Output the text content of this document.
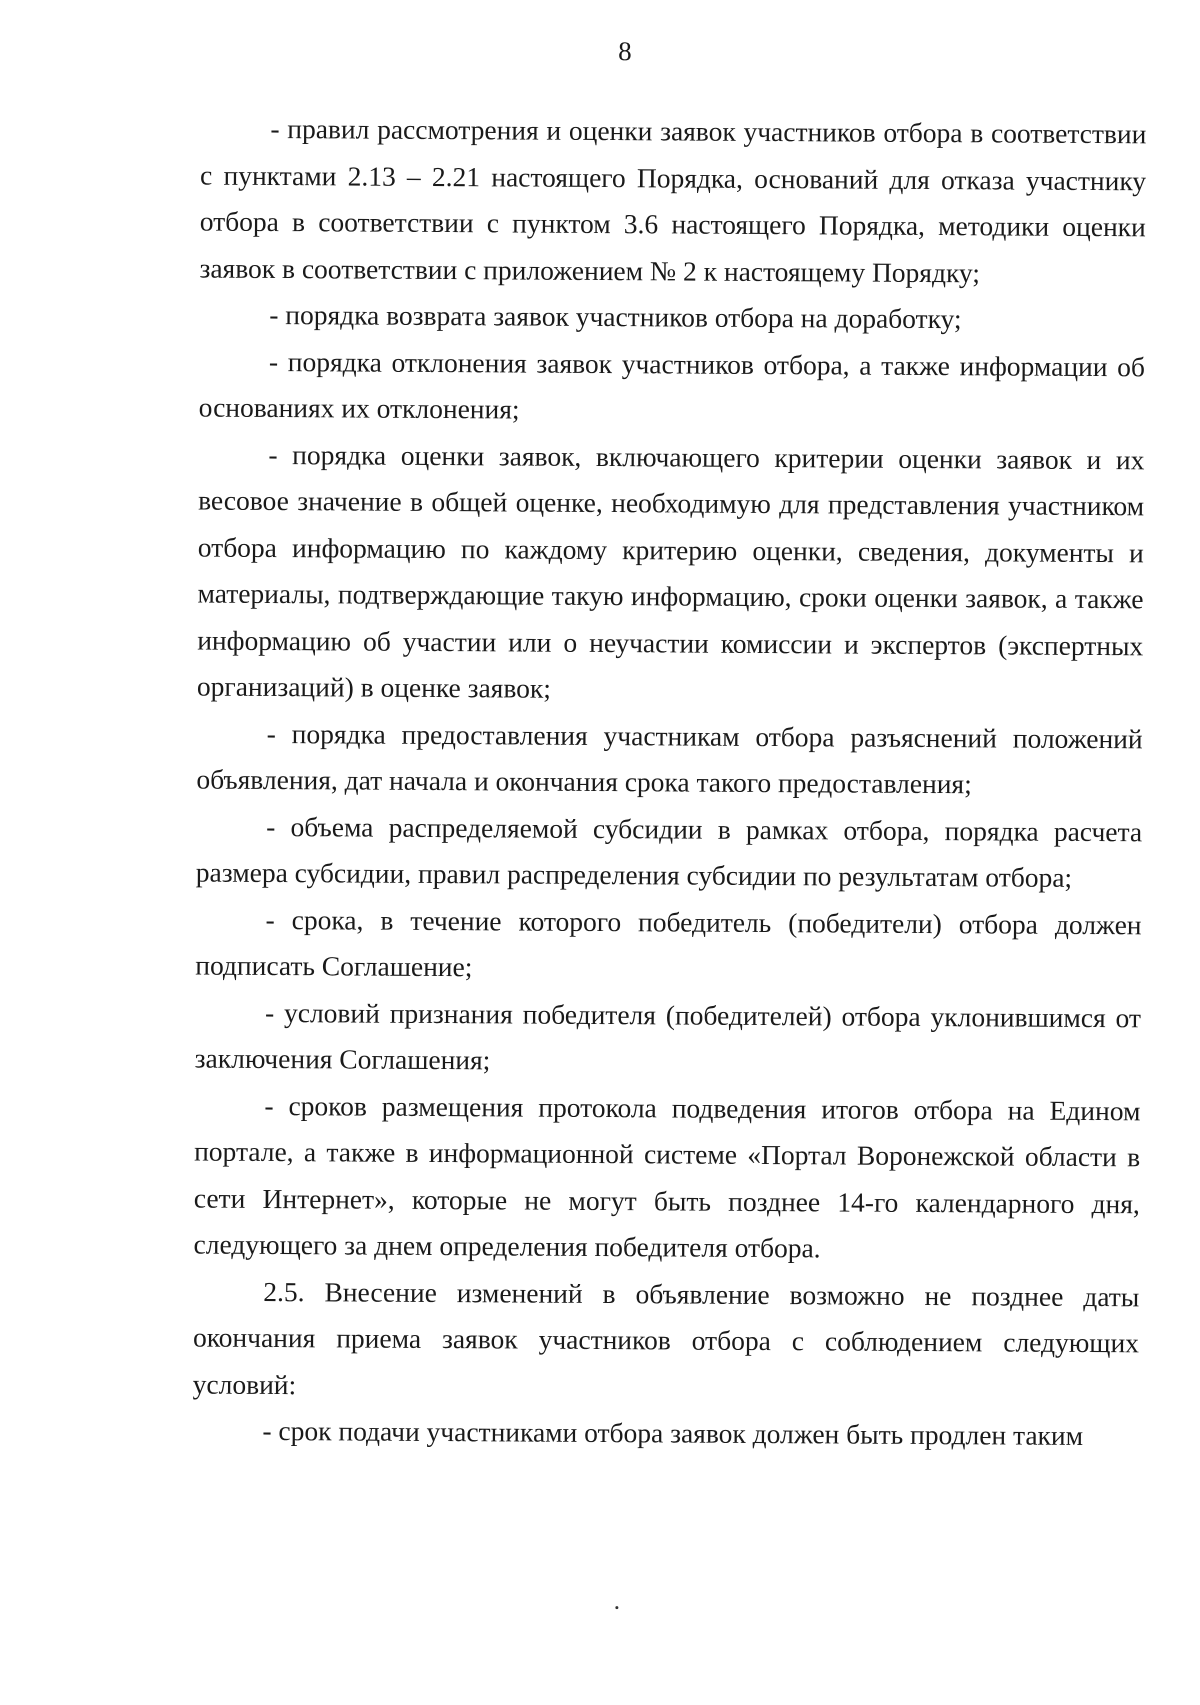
8

- правил рассмотрения и оценки заявок участников отбора в соответствии с пунктами 2.13 – 2.21 настоящего Порядка, оснований для отказа участнику отбора в соответствии с пунктом 3.6 настоящего Порядка, методики оценки заявок в соответствии с приложением № 2 к настоящему Порядку;

- порядка возврата заявок участников отбора на доработку;

- порядка отклонения заявок участников отбора, а также информации об основаниях их отклонения;

- порядка оценки заявок, включающего критерии оценки заявок и их весовое значение в общей оценке, необходимую для представления участником отбора информацию по каждому критерию оценки, сведения, документы и материалы, подтверждающие такую информацию, сроки оценки заявок, а также информацию об участии или о неучастии комиссии и экспертов (экспертных организаций) в оценке заявок;

- порядка предоставления участникам отбора разъяснений положений объявления, дат начала и окончания срока такого предоставления;

- объема распределяемой субсидии в рамках отбора, порядка расчета размера субсидии, правил распределения субсидии по результатам отбора;

- срока, в течение которого победитель (победители) отбора должен подписать Соглашение;

- условий признания победителя (победителей) отбора уклонившимся от заключения Соглашения;

- сроков размещения протокола подведения итогов отбора на Едином портале, а также в информационной системе «Портал Воронежской области в сети Интернет», которые не могут быть позднее 14-го календарного дня, следующего за днем определения победителя отбора.

2.5. Внесение изменений в объявление возможно не позднее даты окончания приема заявок участников отбора с соблюдением следующих условий:

- срок подачи участниками отбора заявок должен быть продлен таким
